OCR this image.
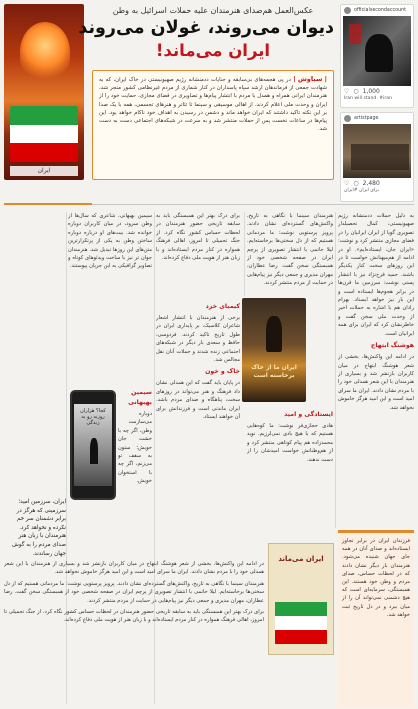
ایران
عکس‌العمل هم‌صدای هنرمندان علیه حملات اسرائیل به وطن
دیوان می‌روند، غولان می‌روند
ایران می‌ماند!
| سیاوش | در پی هجمه‌های بی‌سابقه و جنایات دد‌منشانه رژیم صهیونیستی در خاک ایران، که به شهادت جمعی از فرماندهان ارشد سپاه پاسداران در کنار شماری از مردم غیرنظامی کشور منجر شد، هنرمندان ایرانی همراه و همدل با مردم با انتشار پیام‌ها و تصاویری در فضای مجازی، حمایت خود را از ایران و وحدت ملی اعلام کردند. از اهالی موسیقی و سینما تا تئاتر و هنرهای تجسمی، همه با یک صدا بر این نکته تاکید داشتند که ایران خواهد ماند و دشمن در رسیدن به اهداف خود ناکام خواهد بود. این پیام‌ها در ساعات نخست پس از حملات منتشر شد و به سرعت در شبکه‌های اجتماعی دست به دست شد.
officialsecondaccount
♡ ○ 1,000
Iran will stand. #iran
artistpage
♡ ○ 2,480
برای ایران #ایران

به دلیل حملات دد‌منشانه رژیم صهیونیستی، کمال تحصیلدار تصویری گویا از ایران ایرانیان را در فضای مجازی منتشر کرد و نوشت: «ایران جان، ایستاده‌ایم». او در ادامه از هم‌میهنانش خواست تا در این روزهای سخت کنار یکدیگر باشند. حمید فرخ‌نژاد نیز با انتشار پستی نوشت: سرزمین ما قرن‌ها در برابر هجوم‌ها ایستاده است و این بار نیز خواهد ایستاد. بهرام رادان هم با اشاره به حملات اخیر از وحدت ملی سخن گفت و خاطرنشان کرد که ایران برای همه ایرانیان است.

هوشنگ ابتهاج

در ادامه این واکنش‌ها، بخشی از شعر هوشنگ ابتهاج در میان کاربران بازنشر شد و بسیاری از هنرمندان با این شعر همدلی خود را با مردم نشان دادند. ایران ما سرای امید است و این امید هرگز خاموش نخواهد شد.

هنرمندان سینما با نگاهی به تاریخ، واکنش‌های گسترده‌ای نشان دادند. پرویز پرستویی نوشت: ما مردمانی هستیم که از دل سختی‌ها برخاسته‌ایم. لیلا حاتمی با انتشار تصویری از پرچم ایران در صفحه شخصی خود از همبستگی سخن گفت. رضا عطاران، مهران مدیری و جمعی دیگر نیز پیام‌هایی در حمایت از مردم منتشر کردند.

ایران ما از خاک برخاسته است
کیمیای خرد

برخی از هنرمندان با انتشار اشعار شاعران کلاسیک، بر پایداری ایران در طول تاریخ تاکید کردند. فردوسی، حافظ و سعدی بار دیگر در شبکه‌های اجتماعی زنده شدند و جملات آنان نقل مجالس شد.

خاک و خون

در پایان باید گفت که این همدلی نشان داد فرهنگ و هنر می‌تواند در روزهای سخت، پناهگاه و صدای مردم باشد. ایران ماندنی است و فرزندانش برای آن خواهند ایستاد.

برای درک بهتر این همبستگی باید به سابقه تاریخی حضور هنرمندان در لحظات حساس کشور نگاه کرد. از جنگ تحمیلی تا امروز، اهالی فرهنگ همواره در کنار مردم ایستاده‌اند و با زبان هنر از هویت ملی دفاع کرده‌اند.

ایستادگی و امید

هادی حجازی‌فر نوشت: ما کوه‌هایی هستیم که با هیچ بادی نمی‌لرزیم. نوید محمدزاده هم پیام کوتاهی منتشر کرد و از هم‌وطنانش خواست امیدشان را از دست ندهند.

سیمین بهبهانی، شاعری که سال‌ها از وطن سرود، در میان کاربران دوباره خوانده شد. بیت‌های او درباره دوباره ساختن وطن به یکی از پرتکرارترین متن‌های این روزها تبدیل شد. هنرمندان جوان تر نیز با ساخت ویدئوهای کوتاه و تصاویر گرافیکی به این جریان پیوستند.

سیمین بهبهانی

دوباره می‌سازمت وطن، اگر چه با خشت جان خویش؛ ستون به سقف تو می‌زنم، اگر چه با استخوان خویش.

کجا؟ هزاران روزنه رو به زندگی
ایران، سرزمین امید؛ سرزمینی که هرگز در برابر دشمنان سر خم نکرده و نخواهد کرد. هنرمندان با زبان هنر صدای مردم را به گوش جهان رساندند.

در ادامه این واکنش‌ها، بخشی از شعر هوشنگ ابتهاج در میان کاربران بازنشر شد و بسیاری از هنرمندان با این شعر همدلی خود را با مردم نشان دادند. ایران ما سرای امید است و این امید هرگز خاموش نخواهد شد.

هنرمندان سینما با نگاهی به تاریخ، واکنش‌های گسترده‌ای نشان دادند. پرویز پرستویی نوشت: ما مردمانی هستیم که از دل سختی‌ها برخاسته‌ایم. لیلا حاتمی با انتشار تصویری از پرچم ایران در صفحه شخصی خود از همبستگی سخن گفت. رضا عطاران، مهران مدیری و جمعی دیگر نیز پیام‌هایی در حمایت از مردم منتشر کردند.

برای درک بهتر این همبستگی باید به سابقه تاریخی حضور هنرمندان در لحظات حساس کشور نگاه کرد. از جنگ تحمیلی تا امروز، اهالی فرهنگ همواره در کنار مردم ایستاده‌اند و با زبان هنر از هویت ملی دفاع کرده‌اند.

ایران می‌ماند
فرزندان ایران در برابر تجاوز ایستاده‌اند و صدای آنان در همه جای جهان شنیده می‌شود. هنرمندان بار دیگر نشان دادند که در لحظات حساس، صدای مردم و وطن خود هستند. این همبستگی، سرمایه‌ای است که هیچ دشمنی نمی‌تواند آن را از میان ببرد و در دل تاریخ ثبت خواهد شد.
